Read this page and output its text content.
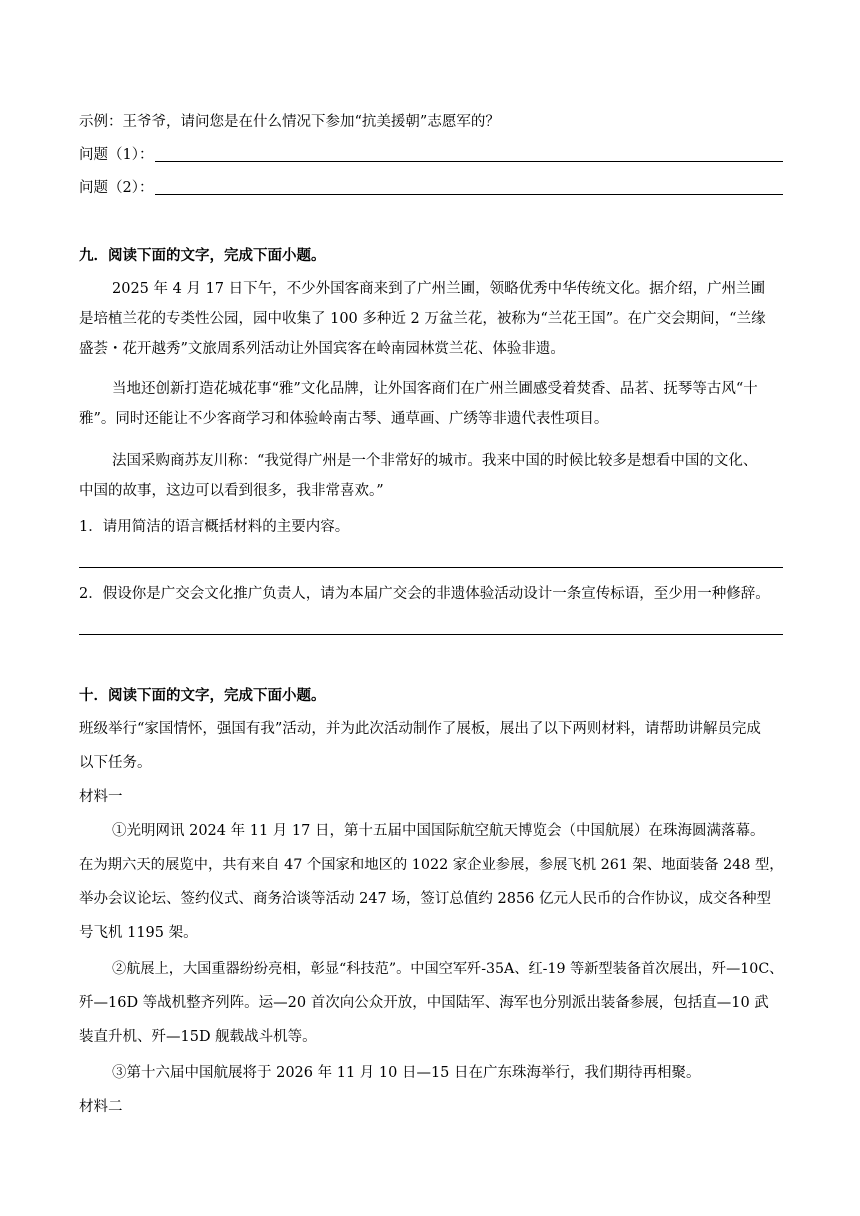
示例：王爷爷，请问您是在什么情况下参加“抗美援朝”志愿军的？
问题（1）：
问题（2）：
九．阅读下面的文字，完成下面小题。
2025 年 4 月 17 日下午，不少外国客商来到了广州兰圃，领略优秀中华传统文化。据介绍，广州兰圃
是培植兰花的专类性公园，园中收集了 100 多种近 2 万盆兰花，被称为“兰花王国”。在广交会期间，“兰缘
盛荟・花开越秀”文旅周系列活动让外国宾客在岭南园林赏兰花、体验非遗。
当地还创新打造花城花事“雅”文化品牌，让外国客商们在广州兰圃感受着焚香、品茗、抚琴等古风“十
雅”。同时还能让不少客商学习和体验岭南古琴、通草画、广绣等非遗代表性项目。
法国采购商苏友川称：“我觉得广州是一个非常好的城市。我来中国的时候比较多是想看中国的文化、
中国的故事，这边可以看到很多，我非常喜欢。”
1．请用简洁的语言概括材料的主要内容。
2．假设你是广交会文化推广负责人，请为本届广交会的非遗体验活动设计一条宣传标语，至少用一种修辞。
十．阅读下面的文字，完成下面小题。
班级举行“家国情怀，强国有我”活动，并为此次活动制作了展板，展出了以下两则材料，请帮助讲解员完成
以下任务。
材料一
①光明网讯 2024 年 11 月 17 日，第十五届中国国际航空航天博览会（中国航展）在珠海圆满落幕。
在为期六天的展览中，共有来自 47 个国家和地区的 1022 家企业参展，参展飞机 261 架、地面装备 248 型，
举办会议论坛、签约仪式、商务洽谈等活动 247 场，签订总值约 2856 亿元人民币的合作协议，成交各种型
号飞机 1195 架。
②航展上，大国重器纷纷亮相，彰显“科技范”。中国空军歼-35A、红-19 等新型装备首次展出，歼—10C、
歼—16D 等战机整齐列阵。运—20 首次向公众开放，中国陆军、海军也分别派出装备参展，包括直—10 武
装直升机、歼—15D 舰载战斗机等。
③第十六届中国航展将于 2026 年 11 月 10 日—15 日在广东珠海举行，我们期待再相聚。
材料二
